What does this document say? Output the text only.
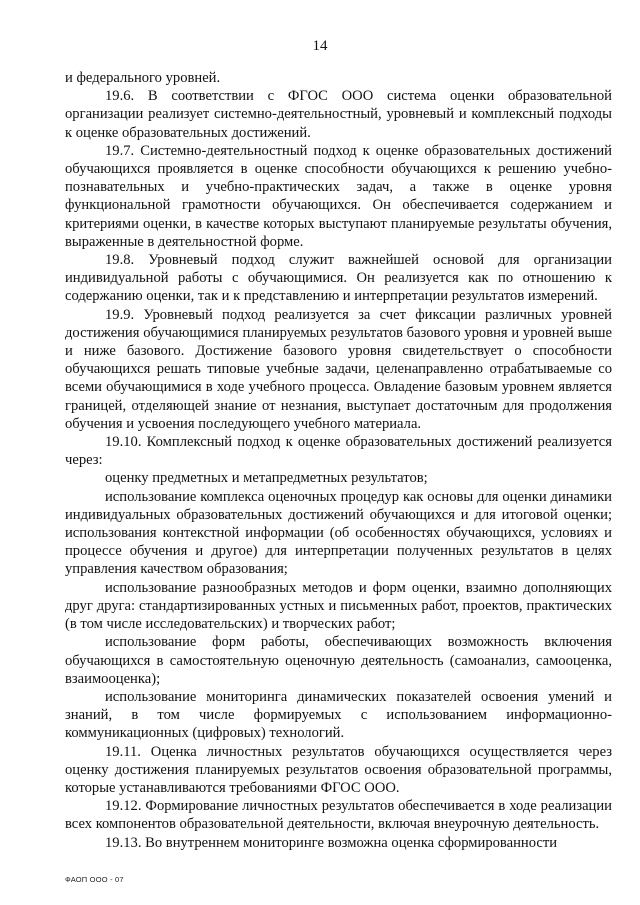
14

и федерального уровней.

19.6. В соответствии с ФГОС ООО система оценки образовательной организации реализует системно-деятельностный, уровневый и комплексный подходы к оценке образовательных достижений.

19.7. Системно-деятельностный подход к оценке образовательных достижений обучающихся проявляется в оценке способности обучающихся к решению учебно-познавательных и учебно-практических задач, а также в оценке уровня функциональной грамотности обучающихся. Он обеспечивается содержанием и критериями оценки, в качестве которых выступают планируемые результаты обучения, выраженные в деятельностной форме.

19.8. Уровневый подход служит важнейшей основой для организации индивидуальной работы с обучающимися. Он реализуется как по отношению к содержанию оценки, так и к представлению и интерпретации результатов измерений.

19.9. Уровневый подход реализуется за счет фиксации различных уровней достижения обучающимися планируемых результатов базового уровня и уровней выше и ниже базового. Достижение базового уровня свидетельствует о способности обучающихся решать типовые учебные задачи, целенаправленно отрабатываемые со всеми обучающимися в ходе учебного процесса. Овладение базовым уровнем является границей, отделяющей знание от незнания, выступает достаточным для продолжения обучения и усвоения последующего учебного материала.

19.10. Комплексный подход к оценке образовательных достижений реализуется через:

оценку предметных и метапредметных результатов;

использование комплекса оценочных процедур как основы для оценки динамики индивидуальных образовательных достижений обучающихся и для итоговой оценки; использования контекстной информации (об особенностях обучающихся, условиях и процессе обучения и другое) для интерпретации полученных результатов в целях управления качеством образования;

использование разнообразных методов и форм оценки, взаимно дополняющих друг друга: стандартизированных устных и письменных работ, проектов, практических (в том числе исследовательских) и творческих работ;

использование форм работы, обеспечивающих возможность включения обучающихся в самостоятельную оценочную деятельность (самоанализ, самооценка, взаимооценка);

использование мониторинга динамических показателей освоения умений и знаний, в том числе формируемых с использованием информационно-коммуникационных (цифровых) технологий.

19.11. Оценка личностных результатов обучающихся осуществляется через оценку достижения планируемых результатов освоения образовательной программы, которые устанавливаются требованиями ФГОС ООО.

19.12. Формирование личностных результатов обеспечивается в ходе реализации всех компонентов образовательной деятельности, включая внеурочную деятельность.

19.13. Во внутреннем мониторинге возможна оценка сформированности

ФАОП ООО - 07
